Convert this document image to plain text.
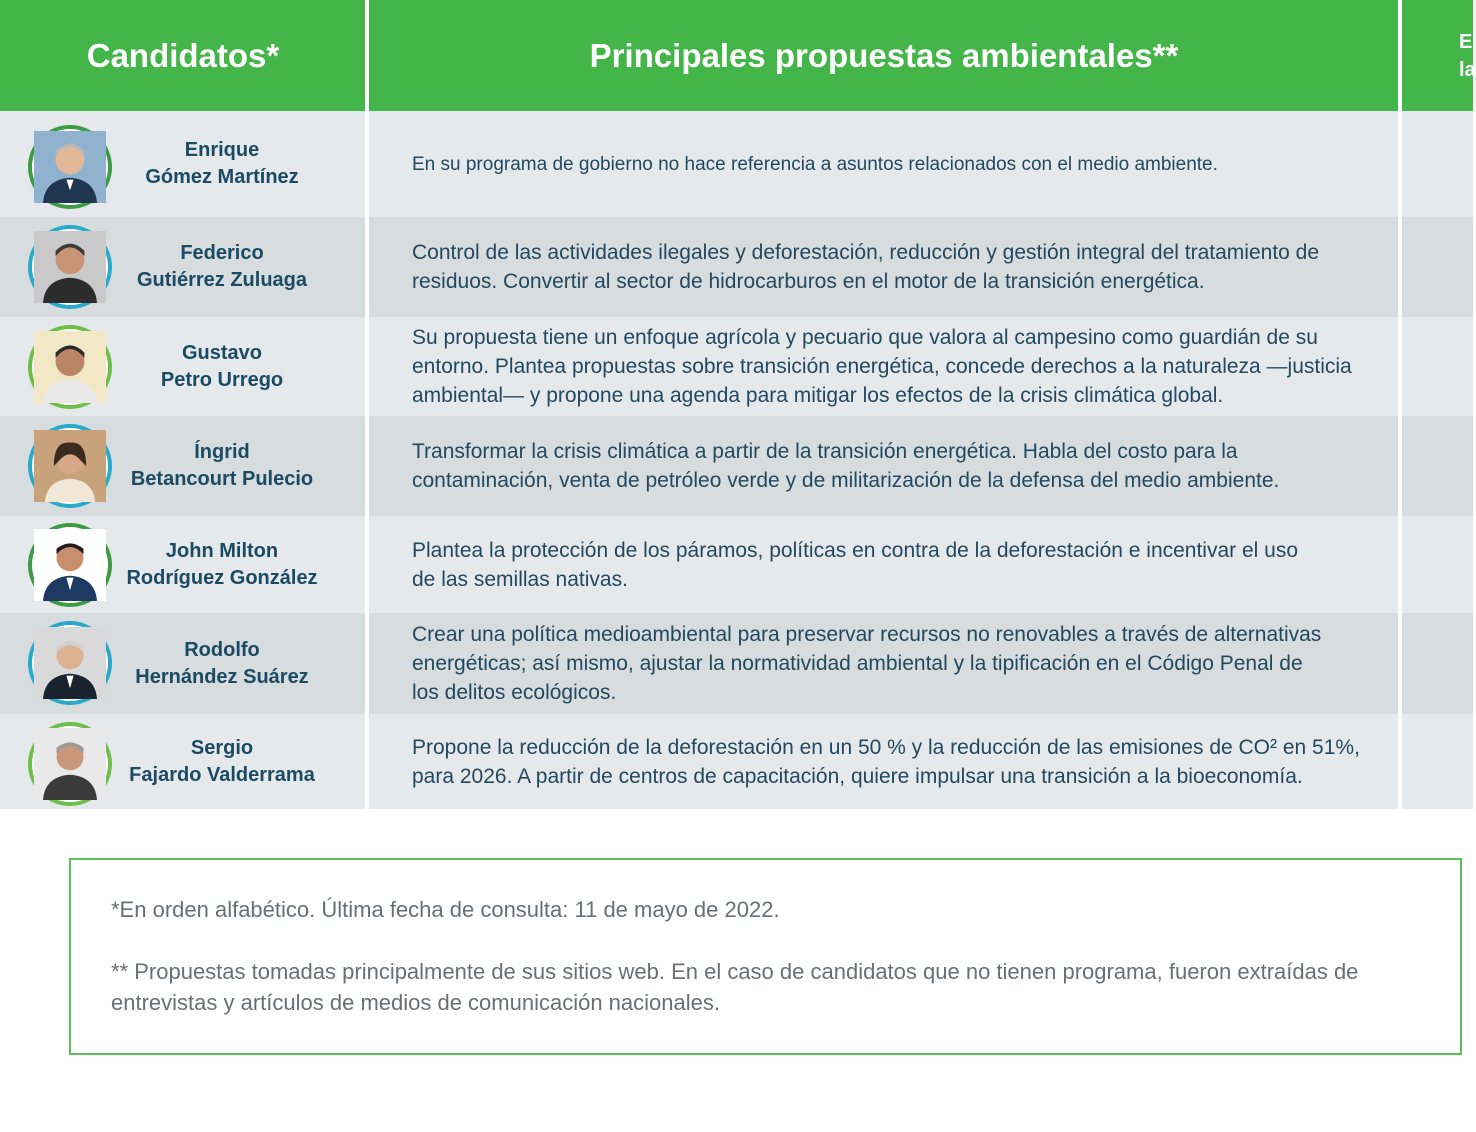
Candidatos*	Principales propuestas ambientales**	E
la
Enrique
Gómez Martínez
En su programa de gobierno no hace referencia a asuntos relacionados con el medio ambiente.
Federico
Gutiérrez Zuluaga
Control de las actividades ilegales y deforestación, reducción y gestión integral del tratamiento de residuos. Convertir al sector de hidrocarburos en el motor de la transición energética.
Gustavo
Petro Urrego
Su propuesta tiene un enfoque agrícola y pecuario que valora al campesino como guardián de su entorno. Plantea propuestas sobre transición energética, concede derechos a la naturaleza —justicia ambiental— y propone una agenda para mitigar los efectos de la crisis climática global.
Íngrid
Betancourt Pulecio
Transformar la crisis climática a partir de la transición energética. Habla del costo para la contaminación, venta de petróleo verde y de militarización de la defensa del medio ambiente.
John Milton
Rodríguez González
Plantea la protección de los páramos, políticas en contra de la deforestación e incentivar el uso de las semillas nativas.
Rodolfo
Hernández Suárez
Crear una política medioambiental para preservar recursos no renovables a través de alternativas energéticas; así mismo, ajustar la normatividad ambiental y la tipificación en el Código Penal de los delitos ecológicos.
Sergio
Fajardo Valderrama
Propone la reducción de la deforestación en un 50 % y la reducción de las emisiones de CO² en 51%, para 2026. A partir de centros de capacitación, quiere impulsar una transición a la bioeconomía.

*En orden alfabético. Última fecha de consulta: 11 de mayo de 2022.

** Propuestas tomadas principalmente de sus sitios web. En el caso de candidatos que no tienen programa, fueron extraídas de entrevistas y artículos de medios de comunicación nacionales.
